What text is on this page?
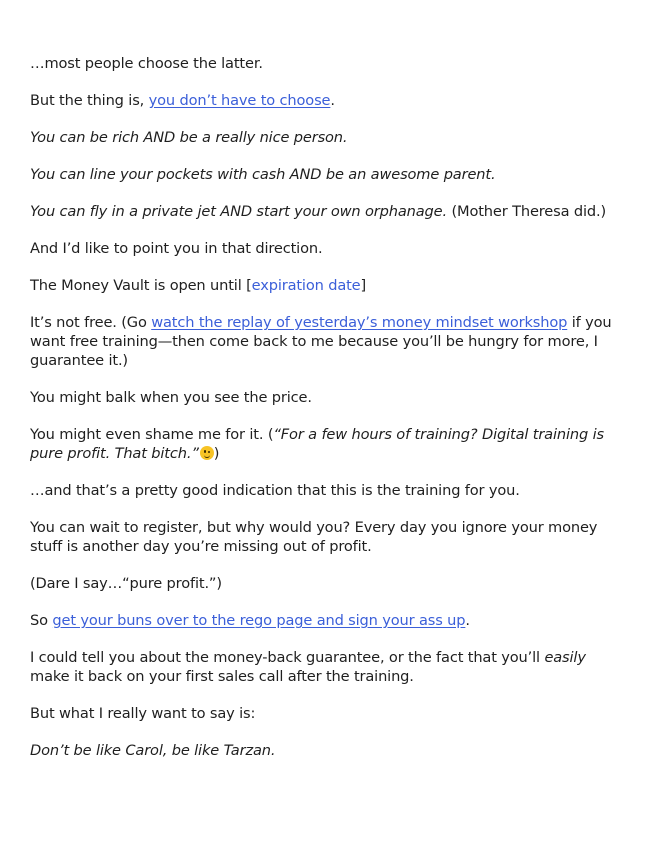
…most people choose the latter.

But the thing is, you don’t have to choose.

You can be rich AND be a really nice person.

You can line your pockets with cash AND be an awesome parent.

You can fly in a private jet AND start your own orphanage. (Mother Theresa did.)

And I’d like to point you in that direction.

The Money Vault is open until [expiration date]

It’s not free. (Go watch the replay of yesterday’s money mindset workshop if you want free training—then come back to me because you’ll be hungry for more, I guarantee it.)

You might balk when you see the price.

You might even shame me for it. (“For a few hours of training? Digital training is pure profit. That bitch.” )

…and that’s a pretty good indication that this is the training for you.

You can wait to register, but why would you? Every day you ignore your money stuff is another day you’re missing out of profit.

(Dare I say…“pure profit.”)

So get your buns over to the rego page and sign your ass up.

I could tell you about the money-back guarantee, or the fact that you’ll easily make it back on your first sales call after the training.

But what I really want to say is:

Don’t be like Carol, be like Tarzan.
